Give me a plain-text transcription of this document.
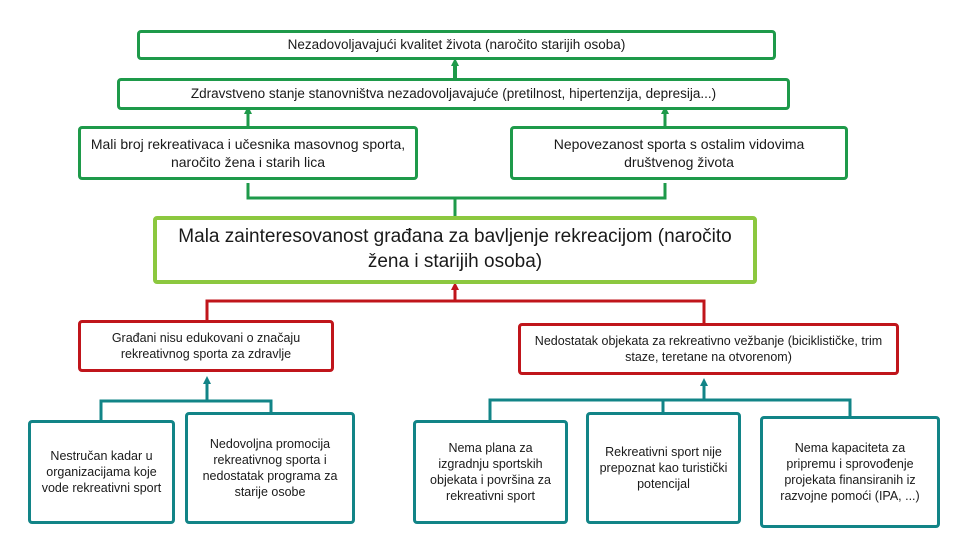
Nezadovoljavajući kvalitet života (naročito starijih osoba)
Zdravstveno stanje stanovništva nezadovoljavajuće (pretilnost, hipertenzija, depresija...)
Mali broj rekreativaca i učesnika masovnog sporta, naročito žena i starih lica
Nepovezanost sporta s ostalim vidovima društvenog života
Mala zainteresovanost građana za bavljenje rekreacijom (naročito žena i starijih osoba)
Građani nisu edukovani o značaju rekreativnog sporta za zdravlje
Nedostatak objekata za rekreativno vežbanje (biciklističke, trim staze, teretane na otvorenom)
Nestručan kadar u organizacijama koje vode rekreativni sport
Nedovoljna promocija rekreativnog sporta i nedostatak programa za starije osobe
Nema plana za izgradnju sportskih objekata i površina za rekreativni sport
Rekreativni sport nije prepoznat kao turistički potencijal
Nema kapaciteta za pripremu i sprovođenje projekata finansiranih iz razvojne pomoći (IPA, ...)
